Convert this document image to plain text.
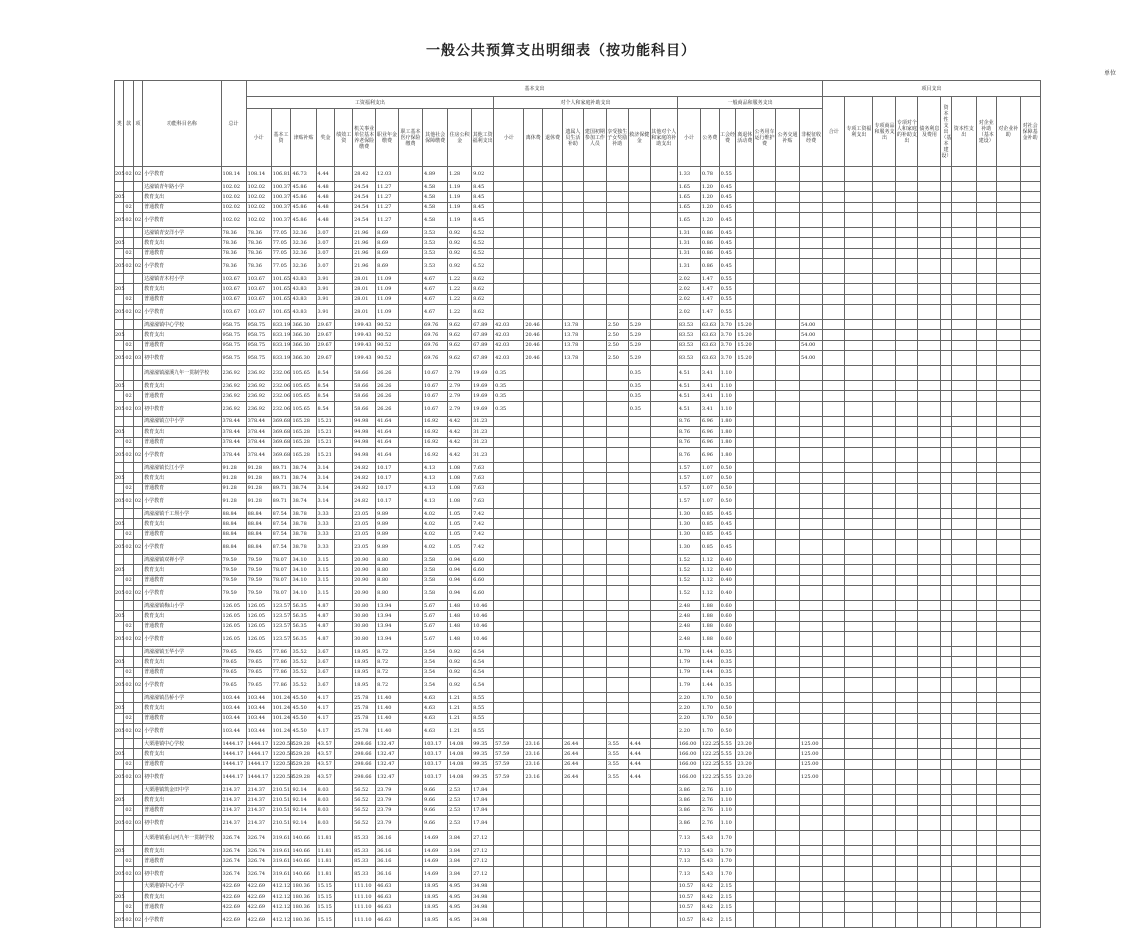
一般公共预算支出明细表（按功能科目）
单位
类	款	项	功能科目名称	总计	基本支出																										项目支出									
					工资福利支出											对个人和家庭补助支出								一般商品和服务支出							合计	专项工资福利支出	专项商品和服务支出	专项对个人和家庭的补助支出	债务利息及费用	资本性支出（基本建设）	资本性支出	对企业补助（基本建设）	对企业补助	对社会保障基金补助
					小计	基本工资	津贴补贴	奖金	绩效工资	机关事业单位基本养老保险缴费	职业年金缴费	职工基本医疗保险缴费	其他社会保障缴费	住房公积金	其他工资福利支出	小计	离休费	退休费	遗属人员生活补助	建国初期参加工作人员	享受独生子女奖励补助	救济保健金	其他对个人和家庭的补助支出	小计	公务费	工会经费	离退休活动费	公务用车运行维护费	公务交通补贴	非税征收经费										
205	02	02	小学教育	108.14	108.14	106.81	46.73	4.44		28.42	12.03		4.89	1.28	9.02									1.33	0.78	0.55														
			达濠镇青年路小学	102.02	102.02	100.37	45.86	4.48		24.54	11.27		4.58	1.19	8.45									1.65	1.20	0.45														
205			教育支出	102.02	102.02	100.37	45.86	4.48		24.54	11.27		4.58	1.19	8.45									1.65	1.20	0.45														
	02		普通教育	102.02	102.02	100.37	45.86	4.48		24.54	11.27		4.58	1.19	8.45									1.65	1.20	0.45														
205	02	02	小学教育	102.02	102.02	100.37	45.86	4.48		24.54	11.27		4.58	1.19	8.45									1.65	1.20	0.45														
			达濠镇青安洋小学	78.36	78.36	77.05	32.36	3.07		21.96	8.69		3.53	0.92	6.52									1.31	0.86	0.45														
205			教育支出	78.36	78.36	77.05	32.36	3.07		21.96	8.69		3.53	0.92	6.52									1.31	0.86	0.45														
	02		普通教育	78.36	78.36	77.05	32.36	3.07		21.96	8.69		3.53	0.92	6.52									1.31	0.86	0.45														
205	02	02	小学教育	78.36	78.36	77.05	32.36	3.07		21.96	8.69		3.53	0.92	6.52									1.31	0.86	0.45														
			达濠镇青木村小学	103.67	103.67	101.65	43.83	3.91		28.01	11.09		4.67	1.22	8.62									2.02	1.47	0.55														
205			教育支出	103.67	103.67	101.65	43.83	3.91		28.01	11.09		4.67	1.22	8.62									2.02	1.47	0.55														
	02		普通教育	103.67	103.67	101.65	43.83	3.91		28.01	11.09		4.67	1.22	8.62									2.02	1.47	0.55														
205	02	02	小学教育	103.67	103.67	101.65	43.83	3.91		28.01	11.09		4.67	1.22	8.62									2.02	1.47	0.55														
			鸿濠濠镇中心学校	958.75	958.75	833.19	366.30	29.67		199.43	90.52		69.76	9.62	67.89	42.03	20.46		13.78		2.50	5.29		83.53	63.63	3.70	15.20			54.00										
205			教育支出	958.75	958.75	833.19	366.30	29.67		199.43	90.52		69.76	9.62	67.89	42.03	20.46		13.78		2.50	5.29		83.53	63.63	3.70	15.20			54.00										
	02		普通教育	958.75	958.75	833.19	366.30	29.67		199.43	90.52		69.76	9.62	67.89	42.03	20.46		13.78		2.50	5.29		83.53	63.63	3.70	15.20			54.00										
205	02	03	初中教育	958.75	958.75	833.19	366.30	29.67		199.43	90.52		69.76	9.62	67.89	42.03	20.46		13.78		2.50	5.29		83.53	63.63	3.70	15.20			54.00										
			鸿濠濠镇濠溪九年一贯制学校	236.92	236.92	232.06	105.65	8.54		58.66	26.26		10.67	2.79	19.69	0.35						0.35		4.51	3.41	1.10														
205			教育支出	236.92	236.92	232.06	105.65	8.54		58.66	26.26		10.67	2.79	19.69	0.35						0.35		4.51	3.41	1.10														
	02		普通教育	236.92	236.92	232.06	105.65	8.54		58.66	26.26		10.67	2.79	19.69	0.35						0.35		4.51	3.41	1.10														
205	02	03	初中教育	236.92	236.92	232.06	105.65	8.54		58.66	26.26		10.67	2.79	19.69	0.35						0.35		4.51	3.41	1.10														
			鸿濠濠镇立中小学	378.44	378.44	369.68	165.28	15.21		94.98	41.64		16.92	4.42	31.23									8.76	6.96	1.80														
205			教育支出	378.44	378.44	369.68	165.28	15.21		94.98	41.64		16.92	4.42	31.23									8.76	6.96	1.80														
	02		普通教育	378.44	378.44	369.68	165.28	15.21		94.98	41.64		16.92	4.42	31.23									8.76	6.96	1.80														
205	02	02	小学教育	378.44	378.44	369.68	165.28	15.21		94.98	41.64		16.92	4.42	31.23									8.76	6.96	1.80														
			鸿濠濠镇长江小学	91.28	91.28	89.71	38.74	3.14		24.82	10.17		4.13	1.08	7.63									1.57	1.07	0.50														
205			教育支出	91.28	91.28	89.71	38.74	3.14		24.82	10.17		4.13	1.08	7.63									1.57	1.07	0.50														
	02		普通教育	91.28	91.28	89.71	38.74	3.14		24.82	10.17		4.13	1.08	7.63									1.57	1.07	0.50														
205	02	02	小学教育	91.28	91.28	89.71	38.74	3.14		24.82	10.17		4.13	1.08	7.63									1.57	1.07	0.50														
			鸿濠濠镇千工坝小学	88.84	88.84	87.54	38.78	3.33		23.05	9.89		4.02	1.05	7.42									1.30	0.85	0.45														
205			教育支出	88.84	88.84	87.54	38.78	3.33		23.05	9.89		4.02	1.05	7.42									1.30	0.85	0.45														
	02		普通教育	88.84	88.84	87.54	38.78	3.33		23.05	9.89		4.02	1.05	7.42									1.30	0.85	0.45														
205	02	02	小学教育	88.84	88.84	87.54	38.78	3.33		23.05	9.89		4.02	1.05	7.42									1.30	0.85	0.45														
			鸿濠濠镇双禅小学	79.59	79.59	78.07	34.10	3.15		20.90	8.80		3.58	0.94	6.60									1.52	1.12	0.40														
205			教育支出	79.59	79.59	78.07	34.10	3.15		20.90	8.80		3.58	0.94	6.60									1.52	1.12	0.40														
	02		普通教育	79.59	79.59	78.07	34.10	3.15		20.90	8.80		3.58	0.94	6.60									1.52	1.12	0.40														
205	02	02	小学教育	79.59	79.59	78.07	34.10	3.15		20.90	8.80		3.58	0.94	6.60									1.52	1.12	0.40														
			鸿濠濠镇梅山小学	126.05	126.05	123.57	56.35	4.87		30.80	13.94		5.67	1.48	10.46									2.48	1.88	0.60														
205			教育支出	126.05	126.05	123.57	56.35	4.87		30.80	13.94		5.67	1.48	10.46									2.48	1.88	0.60														
	02		普通教育	126.05	126.05	123.57	56.35	4.87		30.80	13.94		5.67	1.48	10.46									2.48	1.88	0.60														
205	02	02	小学教育	126.05	126.05	123.57	56.35	4.87		30.80	13.94		5.67	1.48	10.46									2.48	1.88	0.60														
			鸿濠濠镇玉华小学	79.65	79.65	77.86	35.52	3.67		18.95	8.72		3.54	0.92	6.54									1.79	1.44	0.35														
205			教育支出	79.65	79.65	77.86	35.52	3.67		18.95	8.72		3.54	0.92	6.54									1.79	1.44	0.35														
	02		普通教育	79.65	79.65	77.86	35.52	3.67		18.95	8.72		3.54	0.92	6.54									1.79	1.44	0.35														
205	02	02	小学教育	79.65	79.65	77.86	35.52	3.67		18.95	8.72		3.54	0.92	6.54									1.79	1.44	0.35														
			鸿濠濠镇昌桥小学	103.44	103.44	101.24	45.50	4.17		25.78	11.40		4.63	1.21	8.55									2.20	1.70	0.50														
205			教育支出	103.44	103.44	101.24	45.50	4.17		25.78	11.40		4.63	1.21	8.55									2.20	1.70	0.50														
	02		普通教育	103.44	103.44	101.24	45.50	4.17		25.78	11.40		4.63	1.21	8.55									2.20	1.70	0.50														
205	02	02	小学教育	103.44	103.44	101.24	45.50	4.17		25.78	11.40		4.63	1.21	8.55									2.20	1.70	0.50														
			大栗港镇中心学校	1444.17	1444.17	1220.58	529.28	43.57		298.66	132.47		103.17	14.08	99.35	57.59	23.16		26.44		3.55	4.44		166.00	122.25	5.55	23.20			125.00										
205			教育支出	1444.17	1444.17	1220.58	529.28	43.57		298.66	132.47		103.17	14.08	99.35	57.59	23.16		26.44		3.55	4.44		166.00	122.25	5.55	23.20			125.00										
	02		普通教育	1444.17	1444.17	1220.58	529.28	43.57		298.66	132.47		103.17	14.08	99.35	57.59	23.16		26.44		3.55	4.44		166.00	122.25	5.55	23.20			125.00										
205	02	03	初中教育	1444.17	1444.17	1220.58	529.28	43.57		298.66	132.47		103.17	14.08	99.35	57.59	23.16		26.44		3.55	4.44		166.00	122.25	5.55	23.20			125.00										
			大栗港镇筑金田中学	214.37	214.37	210.51	92.14	8.03		56.52	23.79		9.66	2.53	17.84									3.86	2.76	1.10														
205			教育支出	214.37	214.37	210.51	92.14	8.03		56.52	23.79		9.66	2.53	17.84									3.86	2.76	1.10														
	02		普通教育	214.37	214.37	210.51	92.14	8.03		56.52	23.79		9.66	2.53	17.84									3.86	2.76	1.10														
205	02	03	初中教育	214.37	214.37	210.51	92.14	8.03		56.52	23.79		9.66	2.53	17.84									3.86	2.76	1.10														
			大栗港镇重山河九年一贯制学校	326.74	326.74	319.61	140.66	11.81		85.33	36.16		14.69	3.84	27.12									7.13	5.43	1.70														
205			教育支出	326.74	326.74	319.61	140.66	11.81		85.33	36.16		14.69	3.84	27.12									7.13	5.43	1.70														
	02		普通教育	326.74	326.74	319.61	140.66	11.81		85.33	36.16		14.69	3.84	27.12									7.13	5.43	1.70														
205	02	03	初中教育	326.74	326.74	319.61	140.66	11.81		85.33	36.16		14.69	3.84	27.12									7.13	5.43	1.70														
			大栗港镇中心小学	422.69	422.69	412.12	180.36	15.15		111.10	46.63		18.95	4.95	34.98									10.57	8.42	2.15														
205			教育支出	422.69	422.69	412.12	180.36	15.15		111.10	46.63		18.95	4.95	34.98									10.57	8.42	2.15														
	02		普通教育	422.69	422.69	412.12	180.36	15.15		111.10	46.63		18.95	4.95	34.98									10.57	8.42	2.15														
205	02	02	小学教育	422.69	422.69	412.12	180.36	15.15		111.10	46.63		18.95	4.95	34.98									10.57	8.42	2.15														
